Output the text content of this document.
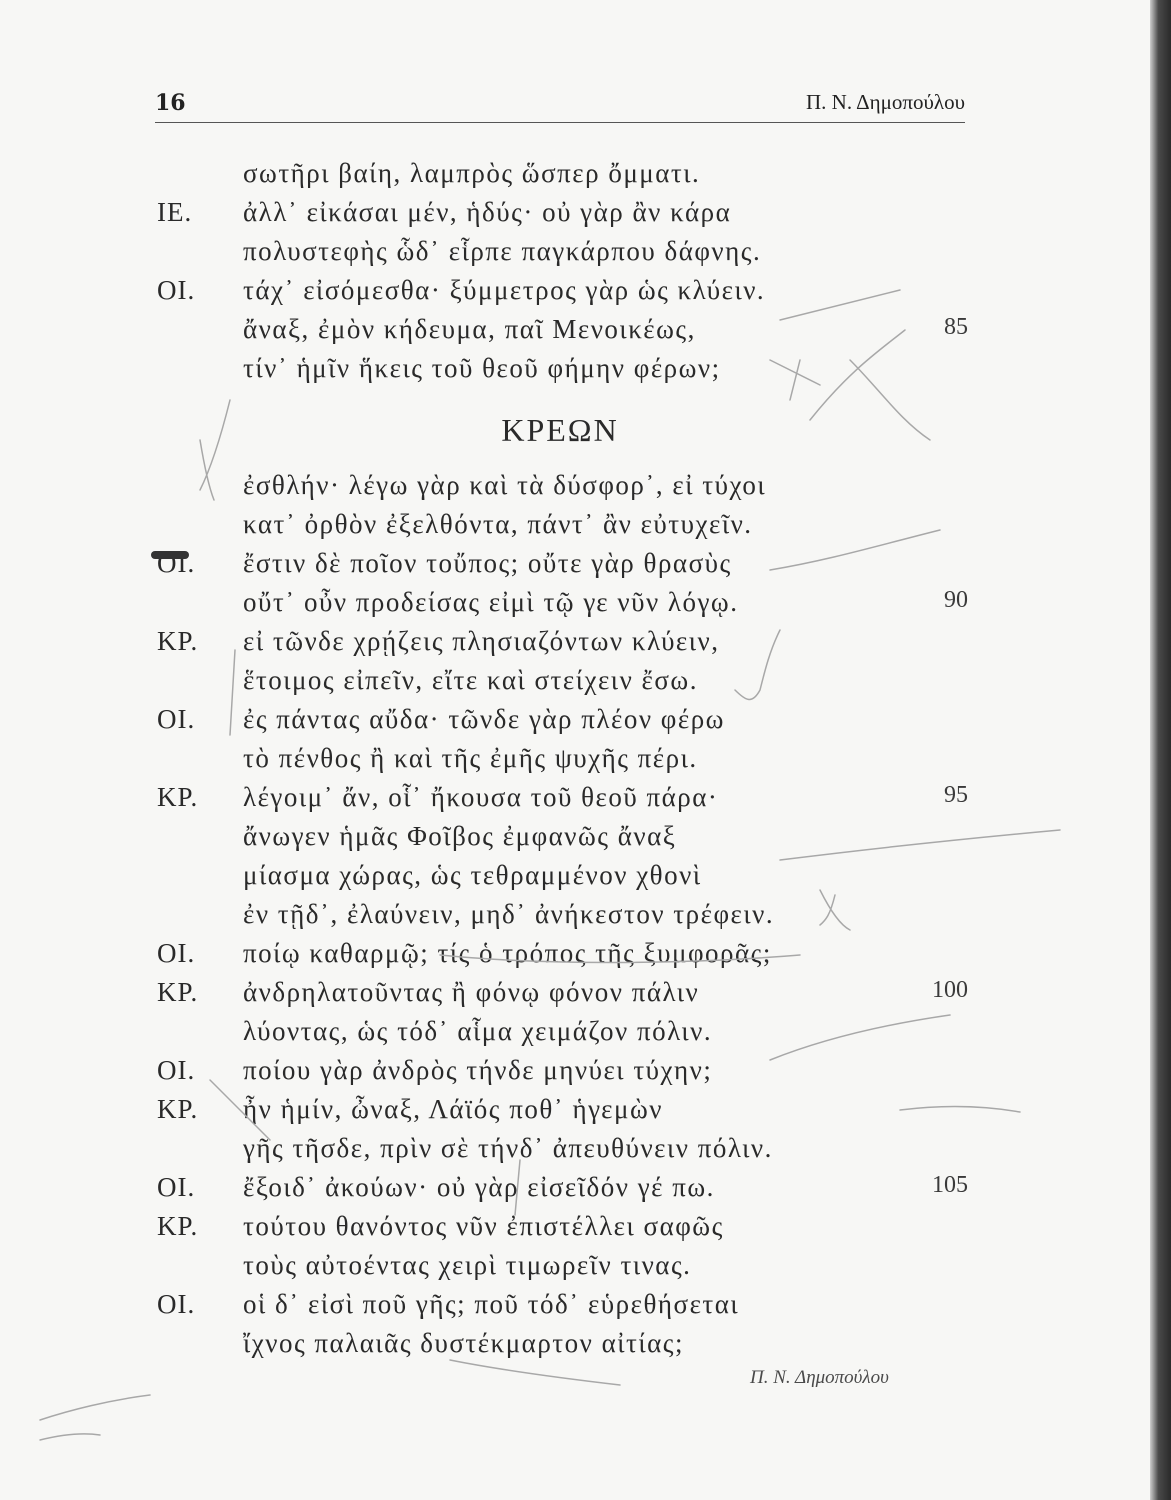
16	Π. Ν. Δημοπούλου
σωτῆρι βαίη, λαμπρὸς ὥσπερ ὄμματι.
ΙΕ. ἀλλ᾽ εἰκάσαι μέν, ἡδύς· οὐ γὰρ ἂν κάρα
πολυστεφὴς ὧδ᾽ εἷρπε παγκάρπου δάφνης.
ΟΙ. τάχ᾽ εἰσόμεσθα· ξύμμετρος γὰρ ὡς κλύειν.
ἄναξ, ἐμὸν κήδευμα, παῖ Μενοικέως,	85
τίν᾽ ἡμῖν ἥκεις τοῦ θεοῦ φήμην φέρων;
ΚΡΕΩΝ
ἐσθλήν· λέγω γὰρ καὶ τὰ δύσφορ᾽, εἰ τύχοι
κατ᾽ ὀρθὸν ἐξελθόντα, πάντ᾽ ἂν εὐτυχεῖν.
ΟΙ. ἔστιν δὲ ποῖον τοὔπος; οὔτε γὰρ θρασὺς
οὔτ᾽ οὖν προδείσας εἰμὶ τῷ γε νῦν λόγῳ.	90
ΚΡ. εἰ τῶνδε χρῄζεις πλησιαζόντων κλύειν,
ἕτοιμος εἰπεῖν, εἴτε καὶ στείχειν ἔσω.
ΟΙ. ἐς πάντας αὔδα· τῶνδε γὰρ πλέον φέρω
τὸ πένθος ἢ καὶ τῆς ἐμῆς ψυχῆς πέρι.
ΚΡ. λέγοιμ᾽ ἄν, οἷ᾽ ἤκουσα τοῦ θεοῦ πάρα·	95
ἄνωγεν ἡμᾶς Φοῖβος ἐμφανῶς ἄναξ
μίασμα χώρας, ὡς τεθραμμένον χθονὶ
ἐν τῇδ᾽, ἐλαύνειν, μηδ᾽ ἀνήκεστον τρέφειν.
ΟΙ. ποίῳ καθαρμῷ; τίς ὁ τρόπος τῆς ξυμφορᾶς;
ΚΡ. ἀνδρηλατοῦντας ἢ φόνῳ φόνον πάλιν	100
λύοντας, ὡς τόδ᾽ αἷμα χειμάζον πόλιν.
ΟΙ. ποίου γὰρ ἀνδρὸς τήνδε μηνύει τύχην;
ΚΡ. ἦν ἡμίν, ὦναξ, Λάϊός ποθ᾽ ἡγεμὼν
γῆς τῆσδε, πρὶν σὲ τήνδ᾽ ἀπευθύνειν πόλιν.
ΟΙ. ἔξοιδ᾽ ἀκούων· οὐ γὰρ εἰσεῖδόν γέ πω.	105
ΚΡ. τούτου θανόντος νῦν ἐπιστέλλει σαφῶς
τοὺς αὐτοέντας χειρὶ τιμωρεῖν τινας.
ΟΙ. οἱ δ᾽ εἰσὶ ποῦ γῆς; ποῦ τόδ᾽ εὑρεθήσεται
ἴχνος παλαιᾶς δυστέκμαρτον αἰτίας;
Π. Ν. Δημοπούλου
